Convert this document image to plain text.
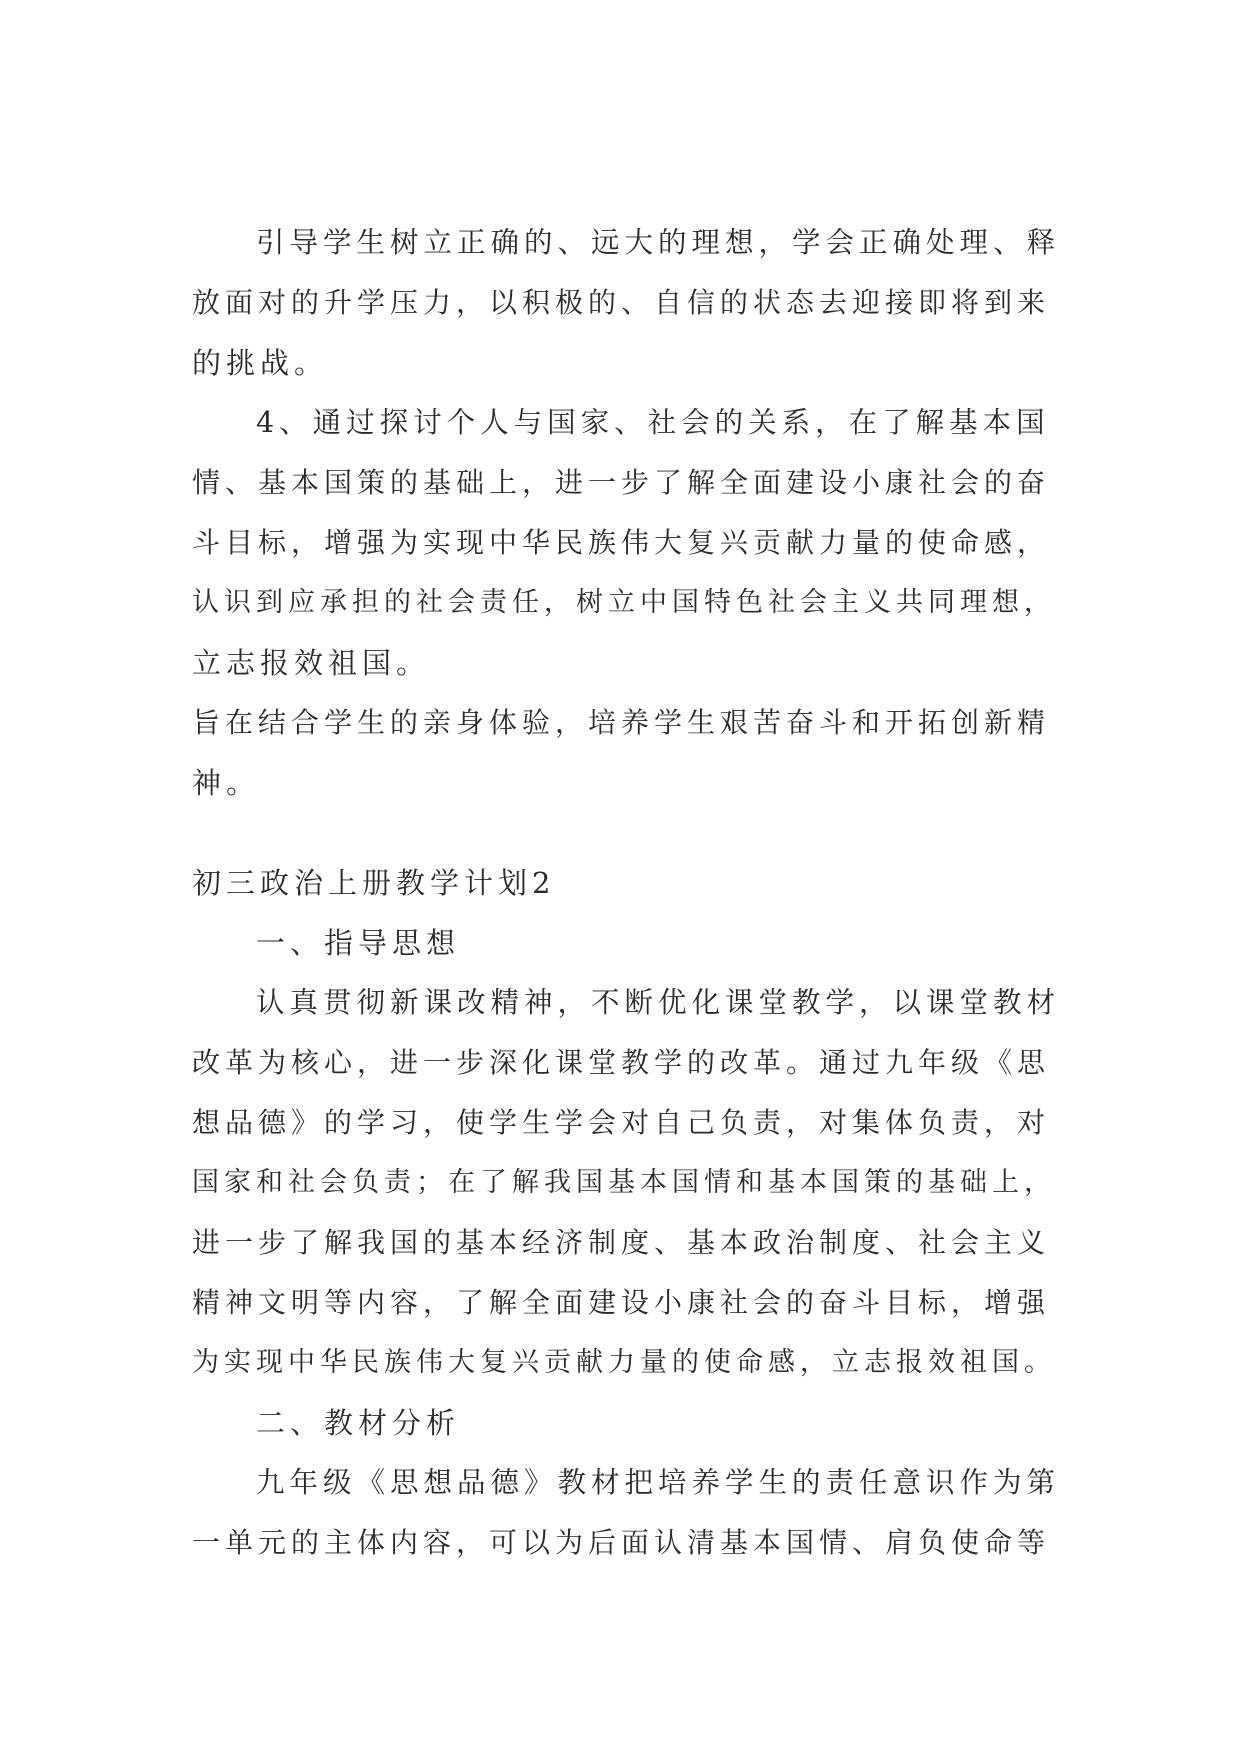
引导学生树立正确的、远大的理想，学会正确处理、释

放面对的升学压力，以积极的、自信的状态去迎接即将到来

的挑战。

4、通过探讨个人与国家、社会的关系，在了解基本国

情、基本国策的基础上，进一步了解全面建设小康社会的奋

斗目标，增强为实现中华民族伟大复兴贡献力量的使命感，

认识到应承担的社会责任，树立中国特色社会主义共同理想，

立志报效祖国。

旨在结合学生的亲身体验，培养学生艰苦奋斗和开拓创新精

神。

初三政治上册教学计划2

一、指导思想

认真贯彻新课改精神，不断优化课堂教学，以课堂教材

改革为核心，进一步深化课堂教学的改革。通过九年级《思

想品德》的学习，使学生学会对自己负责，对集体负责，对

国家和社会负责；在了解我国基本国情和基本国策的基础上，

进一步了解我国的基本经济制度、基本政治制度、社会主义

精神文明等内容，了解全面建设小康社会的奋斗目标，增强

为实现中华民族伟大复兴贡献力量的使命感，立志报效祖国。

二、教材分析

九年级《思想品德》教材把培养学生的责任意识作为第

一单元的主体内容，可以为后面认清基本国情、肩负使命等
